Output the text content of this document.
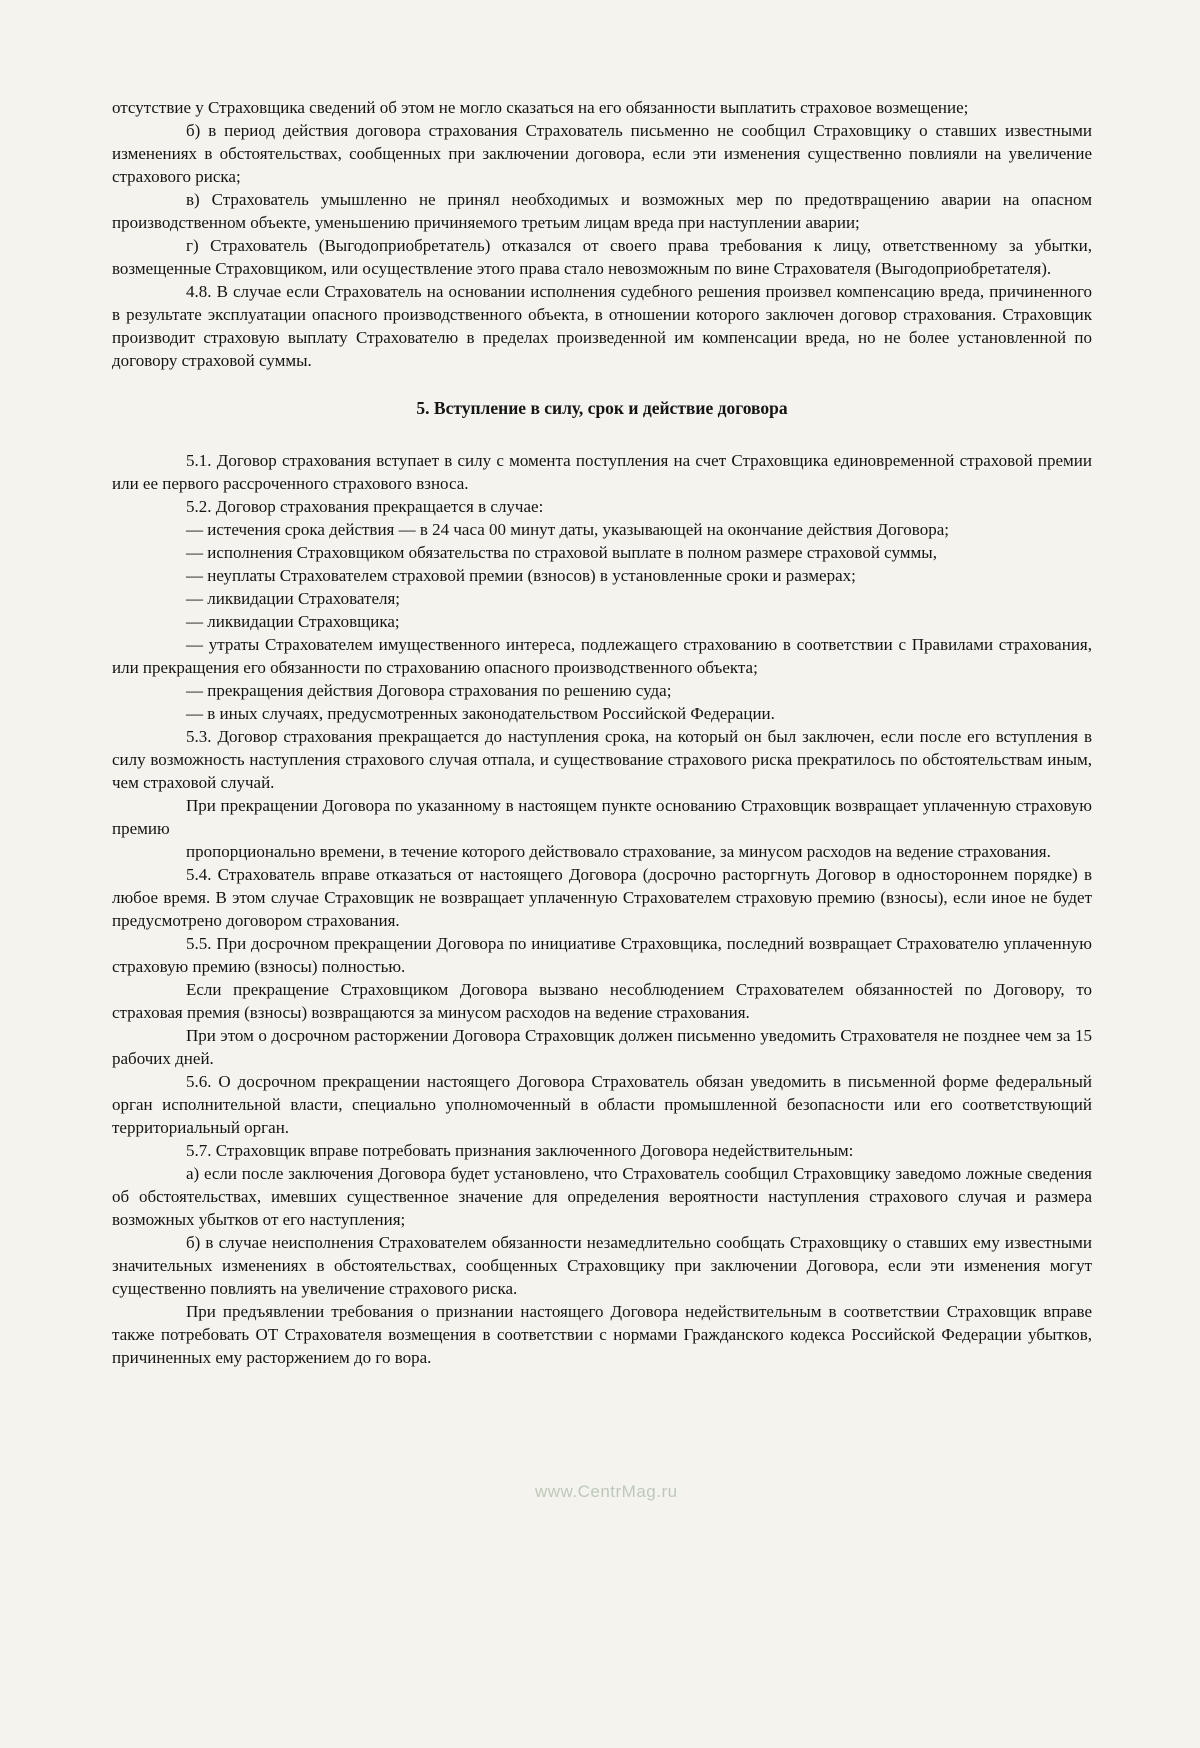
отсутствие у Страховщика сведений об этом не могло сказаться на его обязанности выплатить страховое возмещение;

б) в период действия договора страхования Страхователь письменно не сообщил Страховщику о ставших известными изменениях в обстоятельствах, сообщенных при заключении договора, если эти изменения существенно повлияли на увеличение страхового риска;

в) Страхователь умышленно не принял необходимых и возможных мер по предотвращению аварии на опасном производственном объекте, уменьшению причиняемого третьим лицам вреда при наступлении аварии;

г) Страхователь (Выгодоприобретатель) отказался от своего права требования к лицу, ответственному за убытки, возмещенные Страховщиком, или осуществление этого права стало невозможным по вине Страхователя (Выгодоприобретателя).

4.8. В случае если Страхователь на основании исполнения судебного решения произвел компенсацию вреда, причиненного в результате эксплуатации опасного производственного объекта, в отношении которого заключен договор страхования. Страховщик производит страховую выплату Страхователю в пределах произведенной им компенсации вреда, но не более установленной по договору страховой суммы.

5. Вступление в силу, срок и действие договора

5.1. Договор страхования вступает в силу с момента поступления на счет Страховщика единовременной страховой премии или ее первого рассроченного страхового взноса.

5.2. Договор страхования прекращается в случае:

— истечения срока действия — в 24 часа 00 минут даты, указывающей на окончание действия Договора;

— исполнения Страховщиком обязательства по страховой выплате в полном размере страховой суммы,

— неуплаты Страхователем страховой премии (взносов) в установленные сроки и размерах;

— ликвидации Страхователя;

— ликвидации Страховщика;

— утраты Страхователем имущественного интереса, подлежащего страхованию в соответствии с Правилами страхования, или прекращения его обязанности по страхованию опасного производственного объекта;

— прекращения действия Договора страхования по решению суда;

— в иных случаях, предусмотренных законодательством Российской Федерации.

5.3. Договор страхования прекращается до наступления срока, на который он был заключен, если после его вступления в силу возможность наступления страхового случая отпала, и существование страхового риска прекратилось по обстоятельствам иным, чем страховой случай.

При прекращении Договора по указанному в настоящем пункте основанию Страховщик возвращает уплаченную страховую премию

пропорционально времени, в течение которого действовало страхование, за минусом расходов на ведение страхования.

5.4. Страхователь вправе отказаться от настоящего Договора (досрочно расторгнуть Договор в одностороннем порядке) в любое время. В этом случае Страховщик не возвращает уплаченную Страхователем страховую премию (взносы), если иное не будет предусмотрено договором страхования.

5.5. При досрочном прекращении Договора по инициативе Страховщика, последний возвращает Страхователю уплаченную страховую премию (взносы) полностью.

Если прекращение Страховщиком Договора вызвано несоблюдением Страхователем обязанностей по Договору, то страховая премия (взносы) возвращаются за минусом расходов на ведение страхования.

При этом о досрочном расторжении Договора Страховщик должен письменно уведомить Страхователя не позднее чем за 15 рабочих дней.

5.6. О досрочном прекращении настоящего Договора Страхователь обязан уведомить в письменной форме федеральный орган исполнительной власти, специально уполномоченный в области промышленной безопасности или его соответствующий территориальный орган.

5.7. Страховщик вправе потребовать признания заключенного Договора недействительным:

а) если после заключения Договора будет установлено, что Страхователь сообщил Страховщику заведомо ложные сведения об обстоятельствах, имевших существенное значение для определения вероятности наступления страхового случая и размера возможных убытков от его наступления;

б) в случае неисполнения Страхователем обязанности незамедлительно сообщать Страховщику о ставших ему известными значительных изменениях в обстоятельствах, сообщенных Страховщику при заключении Договора, если эти изменения могут существенно повлиять на увеличение страхового риска.

При предъявлении требования о признании настоящего Договора недействительным в соответствии Страховщик вправе также потребовать ОТ Страхователя возмещения в соответствии с нормами Гражданского кодекса Российской Федерации убытков, причиненных ему расторжением до го вора.

www.CentrMag.ru
